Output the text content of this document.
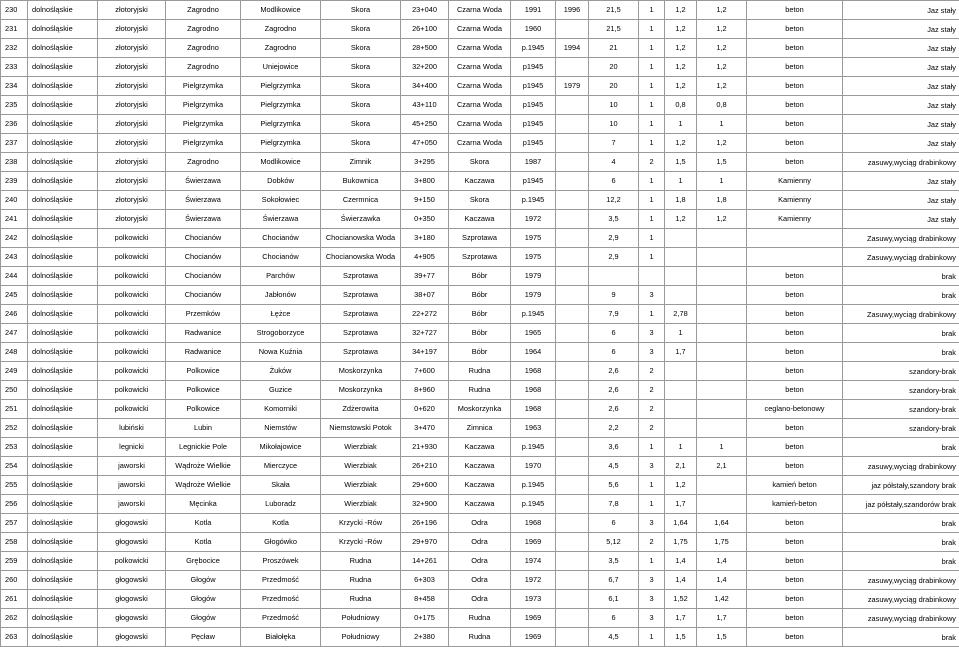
230	dolnośląskie	złotoryjski	Zagrodno	Modlikowice	Skora	23+040	Czarna Woda	1991	1996	21,5	1	1,2	1,2	beton	Jaz stały
231	dolnośląskie	złotoryjski	Zagrodno	Zagrodno	Skora	26+100	Czarna Woda	1960		21,5	1	1,2	1,2	beton	Jaz stały
232	dolnośląskie	złotoryjski	Zagrodno	Zagrodno	Skora	28+500	Czarna Woda	p.1945	1994	21	1	1,2	1,2	beton	Jaz stały
233	dolnośląskie	złotoryjski	Zagrodno	Uniejowice	Skora	32+200	Czarna Woda	p1945		20	1	1,2	1,2	beton	Jaz stały
234	dolnośląskie	złotoryjski	Pielgrzymka	Pielgrzymka	Skora	34+400	Czarna Woda	p1945	1979	20	1	1,2	1,2	beton	Jaz stały
235	dolnośląskie	złotoryjski	Pielgrzymka	Pielgrzymka	Skora	43+110	Czarna Woda	p1945		10	1	0,8	0,8	beton	Jaz stały
236	dolnośląskie	złotoryjski	Pielgrzymka	Pielgrzymka	Skora	45+250	Czarna Woda	p1945		10	1	1	1	beton	Jaz stały
237	dolnośląskie	złotoryjski	Pielgrzymka	Pielgrzymka	Skora	47+050	Czarna Woda	p1945		7	1	1,2	1,2	beton	Jaz stały
238	dolnośląskie	złotoryjski	Zagrodno	Modlikowice	Zimnik	3+295	Skora	1987		4	2	1,5	1,5	beton	zasuwy,wyciąg drabinkowy
239	dolnośląskie	złotoryjski	Świerzawa	Dobków	Bukownica	3+800	Kaczawa	p1945		6	1	1	1	Kamienny	Jaz stały
240	dolnośląskie	złotoryjski	Świerzawa	Sokołowiec	Czermnica	9+150	Skora	p.1945		12,2	1	1,8	1,8	Kamienny	Jaz stały
241	dolnośląskie	złotoryjski	Świerzawa	Świerzawa	Świerzawka	0+350	Kaczawa	1972		3,5	1	1,2	1,2	Kamienny	Jaz stały
242	dolnośląskie	polkowicki	Chocianów	Chocianów	Chocianowska Woda	3+180	Szprotawa	1975		2,9	1				Zasuwy,wyciąg drabinkowy
243	dolnośląskie	polkowicki	Chocianów	Chocianów	Chocianowska Woda	4+905	Szprotawa	1975		2,9	1				Zasuwy,wyciąg drabinkowy
244	dolnośląskie	polkowicki	Chocianów	Parchów	Szprotawa	39+77	Bóbr	1979						beton	brak
245	dolnośląskie	polkowicki	Chocianów	Jabłonów	Szprotawa	38+07	Bóbr	1979		9	3			beton	brak
246	dolnośląskie	polkowicki	Przemków	Łężce	Szprotawa	22+272	Bóbr	p.1945		7,9	1	2,78		beton	Zasuwy,wyciąg drabinkowy
247	dolnośląskie	polkowicki	Radwanice	Strogoborzyce	Szprotawa	32+727	Bóbr	1965		6	3	1		beton	brak
248	dolnośląskie	polkowicki	Radwanice	Nowa Kuźnia	Szprotawa	34+197	Bóbr	1964		6	3	1,7		beton	brak
249	dolnośląskie	polkowicki	Polkowice	Żuków	Moskorzynka	7+600	Rudna	1968		2,6	2			beton	szandory-brak
250	dolnośląskie	polkowicki	Polkowice	Guzice	Moskorzynka	8+960	Rudna	1968		2,6	2			beton	szandory-brak
251	dolnośląskie	polkowicki	Polkowice	Komorniki	Zdżerowita	0+620	Moskorzynka	1968		2,6	2			ceglano-betonowy	szandory-brak
252	dolnośląskie	lubiński	Lubin	Niemstów	Niemstowski Potok	3+470	Zimnica	1963		2,2	2			beton	szandory-brak
253	dolnośląskie	legnicki	Legnickie Pole	Mikołajowice	Wierzbiak	21+930	Kaczawa	p.1945		3,6	1	1	1	beton	brak
254	dolnośląskie	jaworski	Wądroże Wielkie	Mierczyce	Wierzbiak	26+210	Kaczawa	1970		4,5	3	2,1	2,1	beton	zasuwy,wyciąg drabinkowy
255	dolnośląskie	jaworski	Wądroże Wielkie	Skała	Wierzbiak	29+600	Kaczawa	p.1945		5,6	1	1,2		kamień beton	jaz półstały,szandory brak
256	dolnośląskie	jaworski	Męcinka	Luboradz	Wierzbiak	32+900	Kaczawa	p.1945		7,8	1	1,7		kamień-beton	jaz półstały,szandorów brak
257	dolnośląskie	głogowski	Kotla	Kotla	Krzycki -Rów	26+196	Odra	1968		6	3	1,64	1,64	beton	brak
258	dolnośląskie	głogowski	Kotla	Głogówko	Krzycki -Rów	29+970	Odra	1969		5,12	2	1,75	1,75	beton	brak
259	dolnośląskie	polkowicki	Grębocice	Proszówek	Rudna	14+261	Odra	1974		3,5	1	1,4	1,4	beton	brak
260	dolnośląskie	głogowski	Głogów	Przedmość	Rudna	6+303	Odra	1972		6,7	3	1,4	1,4	beton	zasuwy,wyciąg drabinkowy
261	dolnośląskie	głogowski	Głogów	Przedmość	Rudna	8+458	Odra	1973		6,1	3	1,52	1,42	beton	zasuwy,wyciąg drabinkowy
262	dolnośląskie	głogowski	Głogów	Przedmość	Południowy	0+175	Rudna	1969		6	3	1,7	1,7	beton	zasuwy,wyciąg drabinkowy
263	dolnośląskie	głogowski	Pęcław	Białołęka	Południowy	2+380	Rudna	1969		4,5	1	1,5	1,5	beton	brak
